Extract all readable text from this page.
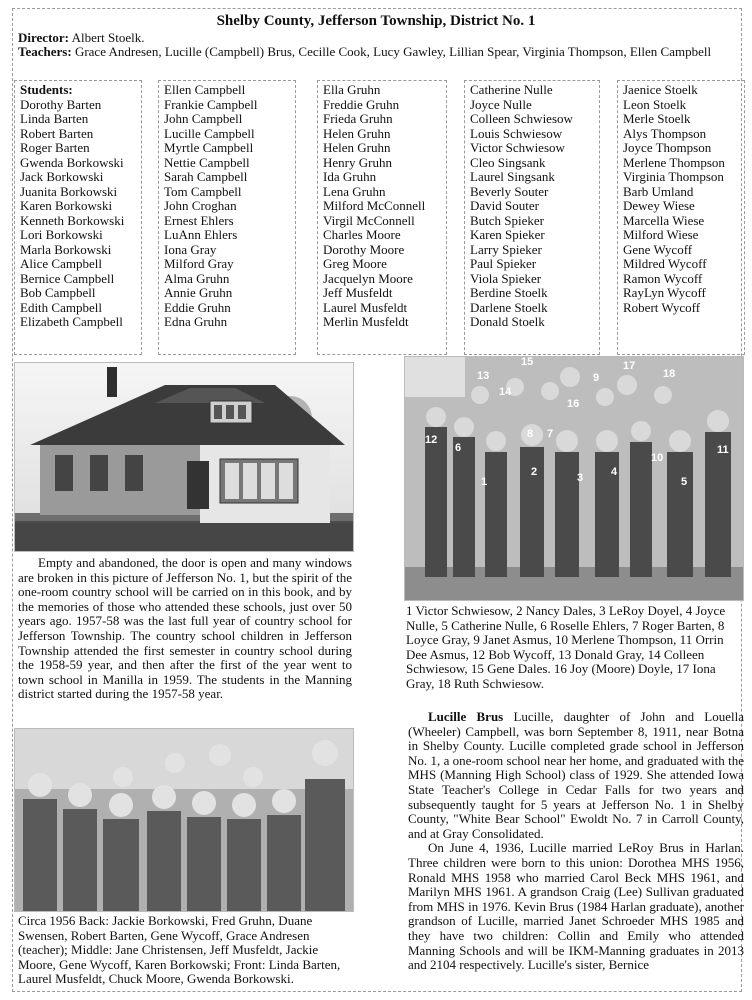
Shelby County, Jefferson Township, District No. 1
Director: Albert Stoelk.
Teachers: Grace Andresen, Lucille (Campbell) Brus, Cecille Cook, Lucy Gawley, Lillian Spear, Virginia Thompson, Ellen Campbell
Students:
Dorothy Barten
Linda Barten
Robert Barten
Roger Barten
Gwenda Borkowski
Jack Borkowski
Juanita Borkowski
Karen Borkowski
Kenneth Borkowski
Lori Borkowski
Marla Borkowski
Alice Campbell
Bernice Campbell
Bob Campbell
Edith Campbell
Elizabeth Campbell
Ellen Campbell
Frankie Campbell
John Campbell
Lucille Campbell
Myrtle Campbell
Nettie Campbell
Sarah Campbell
Tom Campbell
John Croghan
Ernest Ehlers
LuAnn Ehlers
Iona Gray
Milford Gray
Alma Gruhn
Annie Gruhn
Eddie Gruhn
Edna Gruhn
Ella Gruhn
Freddie Gruhn
Frieda Gruhn
Helen Gruhn
Helen Gruhn
Henry Gruhn
Ida Gruhn
Lena Gruhn
Milford McConnell
Virgil McConnell
Charles Moore
Dorothy Moore
Greg Moore
Jacquelyn Moore
Jeff Musfeldt
Laurel Musfeldt
Merlin Musfeldt
Catherine Nulle
Joyce Nulle
Colleen Schwiesow
Louis Schwiesow
Victor Schwiesow
Cleo Singsank
Laurel Singsank
Beverly Souter
David Souter
Butch Spieker
Karen Spieker
Larry Spieker
Paul Spieker
Viola Spieker
Berdine Stoelk
Darlene Stoelk
Donald Stoelk
Jaenice Stoelk
Leon Stoelk
Merle Stoelk
Alys Thompson
Joyce Thompson
Merlene Thompson
Virginia Thompson
Barb Umland
Dewey Wiese
Marcella Wiese
Milford Wiese
Gene Wycoff
Mildred Wycoff
Ramon Wycoff
RayLyn Wycoff
Robert Wycoff

Empty and abandoned, the door is open and many windows are broken in this picture of Jefferson No. 1, but the spirit of the one-room country school will be carried on in this book, and by the memories of those who attended these schools, just over 50 years ago. 1957-58 was the last full year of country school for Jefferson Township. The country school children in Jefferson Township attended the first semester in country school during the 1958-59 year, and then after the first of the year went to town school in Manilla in 1959. The students in the Manning district started during the 1957-58 year.

1
2	3	4
5
6
7
8
9
10
11
12
13
14
15
16
17
18
1 Victor Schwiesow, 2 Nancy Dales, 3 LeRoy Doyel, 4 Joyce Nulle, 5 Catherine Nulle, 6 Roselle Ehlers, 7 Roger Barten, 8 Loyce Gray, 9 Janet Asmus, 10 Merlene Thompson, 11 Orrin Dee Asmus, 12 Bob Wycoff, 13 Donald Gray, 14 Colleen Schwiesow, 15 Gene Dales. 16 Joy (Moore) Doyle, 17 Iona Gray, 18 Ruth Schwiesow.
Circa 1956 Back: Jackie Borkowski, Fred Gruhn, Duane Swensen, Robert Barten, Gene Wycoff, Grace Andresen (teacher); Middle: Jane Christensen, Jeff Musfeldt, Jackie Moore, Gene Wycoff, Karen Borkowski; Front: Linda Barten, Laurel Musfeldt, Chuck Moore, Gwenda Borkowski.

Lucille Brus Lucille, daughter of John and Louella (Wheeler) Campbell, was born September 8, 1911, near Botna in Shelby County. Lucille completed grade school in Jefferson No. 1, a one-room school near her home, and graduated with the MHS (Manning High School) class of 1929. She attended Iowa State Teacher's College in Cedar Falls for two years and subsequently taught for 5 years at Jefferson No. 1 in Shelby County, "White Bear School" Ewoldt No. 7 in Carroll County, and at Gray Consolidated.

On June 4, 1936, Lucille married LeRoy Brus in Harlan. Three children were born to this union: Dorothea MHS 1956, Ronald MHS 1958 who married Carol Beck MHS 1961, and Marilyn MHS 1961. A grandson Craig (Lee) Sullivan graduated from MHS in 1976. Kevin Brus (1984 Harlan graduate), another grandson of Lucille, married Janet Schroeder MHS 1985 and they have two children: Collin and Emily who attended Manning Schools and will be IKM-Manning graduates in 2013 and 2104 respectively. Lucille's sister, Bernice
